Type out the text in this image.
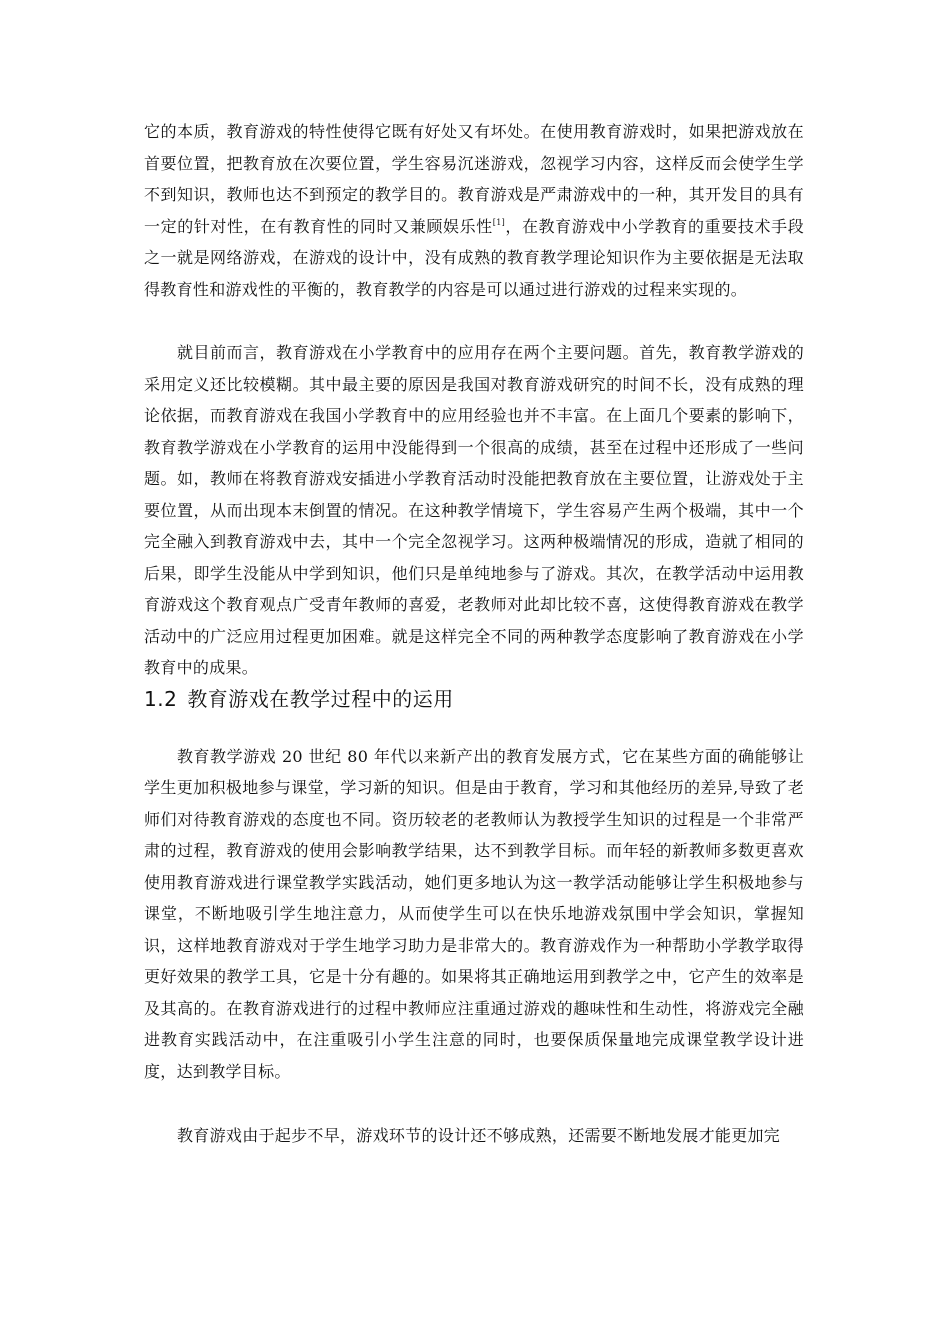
它的本质，教育游戏的特性使得它既有好处又有坏处。在使用教育游戏时，如果把游戏放在首要位置，把教育放在次要位置，学生容易沉迷游戏，忽视学习内容，这样反而会使学生学不到知识，教师也达不到预定的教学目的。教育游戏是严肃游戏中的一种，其开发目的具有一定的针对性，在有教育性的同时又兼顾娱乐性[1]，在教育游戏中小学教育的重要技术手段之一就是网络游戏，在游戏的设计中，没有成熟的教育教学理论知识作为主要依据是无法取得教育性和游戏性的平衡的，教育教学的内容是可以通过进行游戏的过程来实现的。

就目前而言，教育游戏在小学教育中的应用存在两个主要问题。首先，教育教学游戏的采用定义还比较模糊。其中最主要的原因是我国对教育游戏研究的时间不长，没有成熟的理论依据，而教育游戏在我国小学教育中的应用经验也并不丰富。在上面几个要素的影响下，教育教学游戏在小学教育的运用中没能得到一个很高的成绩，甚至在过程中还形成了一些问题。如，教师在将教育游戏安插进小学教育活动时没能把教育放在主要位置，让游戏处于主要位置，从而出现本末倒置的情况。在这种教学情境下，学生容易产生两个极端，其中一个完全融入到教育游戏中去，其中一个完全忽视学习。这两种极端情况的形成，造就了相同的后果，即学生没能从中学到知识，他们只是单纯地参与了游戏。其次，在教学活动中运用教育游戏这个教育观点广受青年教师的喜爱，老教师对此却比较不喜，这使得教育游戏在教学活动中的广泛应用过程更加困难。就是这样完全不同的两种教学态度影响了教育游戏在小学教育中的成果。

1.2 教育游戏在教学过程中的运用

教育教学游戏 20 世纪 80 年代以来新产出的教育发展方式，它在某些方面的确能够让学生更加积极地参与课堂，学习新的知识。但是由于教育，学习和其他经历的差异,导致了老师们对待教育游戏的态度也不同。资历较老的老教师认为教授学生知识的过程是一个非常严肃的过程，教育游戏的使用会影响教学结果，达不到教学目标。而年轻的新教师多数更喜欢使用教育游戏进行课堂教学实践活动，她们更多地认为这一教学活动能够让学生积极地参与课堂，不断地吸引学生地注意力，从而使学生可以在快乐地游戏氛围中学会知识，掌握知识，这样地教育游戏对于学生地学习助力是非常大的。教育游戏作为一种帮助小学教学取得更好效果的教学工具，它是十分有趣的。如果将其正确地运用到教学之中，它产生的效率是及其高的。在教育游戏进行的过程中教师应注重通过游戏的趣味性和生动性，将游戏完全融进教育实践活动中，在注重吸引小学生注意的同时，也要保质保量地完成课堂教学设计进度，达到教学目标。

教育游戏由于起步不早，游戏环节的设计还不够成熟，还需要不断地发展才能更加完
